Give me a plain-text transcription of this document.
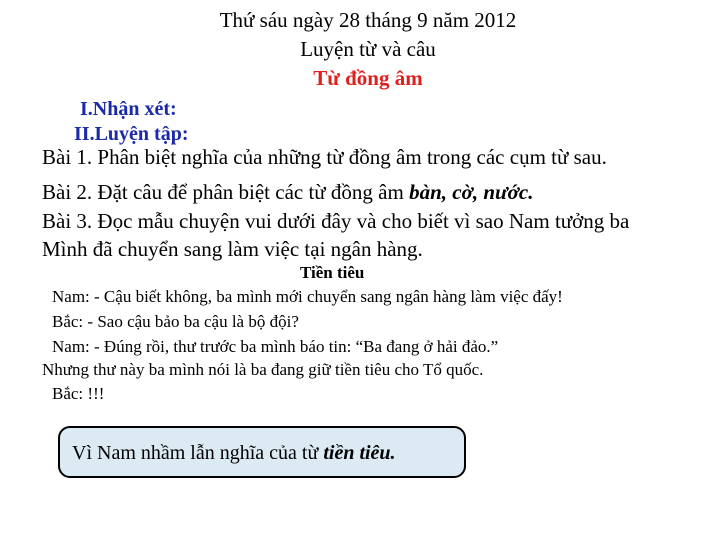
Thứ sáu ngày 28 tháng 9 năm 2012
Luyện từ và câu
Từ đồng âm
I.Nhận xét:
II.Luyện tập:
Bài 1. Phân biệt nghĩa của những từ đồng âm trong các cụm từ sau.
Bài 2. Đặt câu để phân biệt các từ đồng âm bàn, cờ, nước.
Bài 3. Đọc mẫu chuyện vui dưới đây và cho biết vì sao Nam tưởng ba
Mình đã chuyển sang làm việc tại ngân hàng.
Tiền tiêu
Nam: - Cậu biết không, ba mình mới chuyển sang ngân hàng làm việc đấy!
Bắc: - Sao cậu bảo ba cậu là bộ đội?
Nam: - Đúng rồi, thư trước ba mình báo tin: “Ba đang ở hải đảo.”
Nhưng thư này ba mình nói là ba đang giữ tiền tiêu cho Tổ quốc.
Bắc: !!!
Vì Nam nhầm lẫn nghĩa của từ tiền tiêu.
